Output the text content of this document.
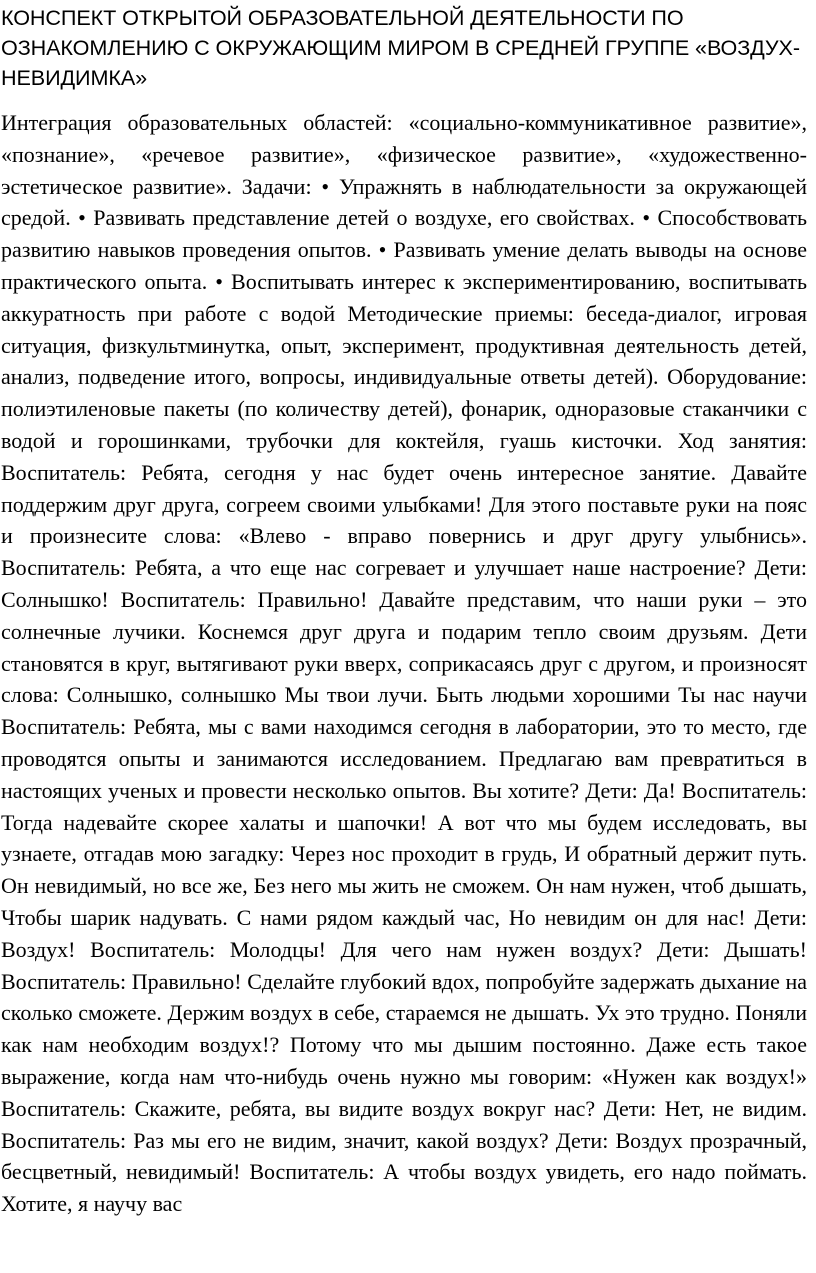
КОНСПЕКТ ОТКРЫТОЙ ОБРАЗОВАТЕЛЬНОЙ ДЕЯТЕЛЬНОСТИ ПО ОЗНАКОМЛЕНИЮ С ОКРУЖАЮЩИМ МИРОМ В СРЕДНЕЙ ГРУППЕ «ВОЗДУХ-НЕВИДИМКА»

Интеграция образовательных областей: «социально-коммуникативное развитие», «познание», «речевое развитие», «физическое развитие», «художественно-эстетическое развитие». Задачи: • Упражнять в наблюдательности за окружающей средой. • Развивать представление детей о воздухе, его свойствах. • Способствовать развитию навыков проведения опытов. • Развивать умение делать выводы на основе практического опыта. • Воспитывать интерес к экспериментированию, воспитывать аккуратность при работе с водой Методические приемы: беседа-диалог, игровая ситуация, физкультминутка, опыт, эксперимент, продуктивная деятельность детей, анализ, подведение итого, вопросы, индивидуальные ответы детей). Оборудование: полиэтиленовые пакеты (по количеству детей), фонарик, одноразовые стаканчики с водой и горошинками, трубочки для коктейля, гуашь кисточки. Ход занятия: Воспитатель: Ребята, сегодня у нас будет очень интересное занятие. Давайте поддержим друг друга, согреем своими улыбками! Для этого поставьте руки на пояс и произнесите слова: «Влево - вправо повернись и друг другу улыбнись». Воспитатель: Ребята, а что еще нас согревает и улучшает наше настроение? Дети: Солнышко! Воспитатель: Правильно! Давайте представим, что наши руки – это солнечные лучики. Коснемся друг друга и подарим тепло своим друзьям. Дети становятся в круг, вытягивают руки вверх, соприкасаясь друг с другом, и произносят слова: Солнышко, солнышко Мы твои лучи. Быть людьми хорошими Ты нас научи Воспитатель: Ребята, мы с вами находимся сегодня в лаборатории, это то место, где проводятся опыты и занимаются исследованием. Предлагаю вам превратиться в настоящих ученых и провести несколько опытов. Вы хотите? Дети: Да! Воспитатель: Тогда надевайте скорее халаты и шапочки! А вот что мы будем исследовать, вы узнаете, отгадав мою загадку: Через нос проходит в грудь, И обратный держит путь. Он невидимый, но все же, Без него мы жить не сможем. Он нам нужен, чтоб дышать, Чтобы шарик надувать. С нами рядом каждый час, Но невидим он для нас! Дети: Воздух! Воспитатель: Молодцы! Для чего нам нужен воздух? Дети: Дышать! Воспитатель: Правильно! Сделайте глубокий вдох, попробуйте задержать дыхание на сколько сможете. Держим воздух в себе, стараемся не дышать. Ух это трудно. Поняли как нам необходим воздух!? Потому что мы дышим постоянно. Даже есть такое выражение, когда нам что-нибудь очень нужно мы говорим: «Нужен как воздух!» Воспитатель: Скажите, ребята, вы видите воздух вокруг нас? Дети: Нет, не видим. Воспитатель: Раз мы его не видим, значит, какой воздух? Дети: Воздух прозрачный, бесцветный, невидимый! Воспитатель: А чтобы воздух увидеть, его надо поймать. Хотите, я научу вас
